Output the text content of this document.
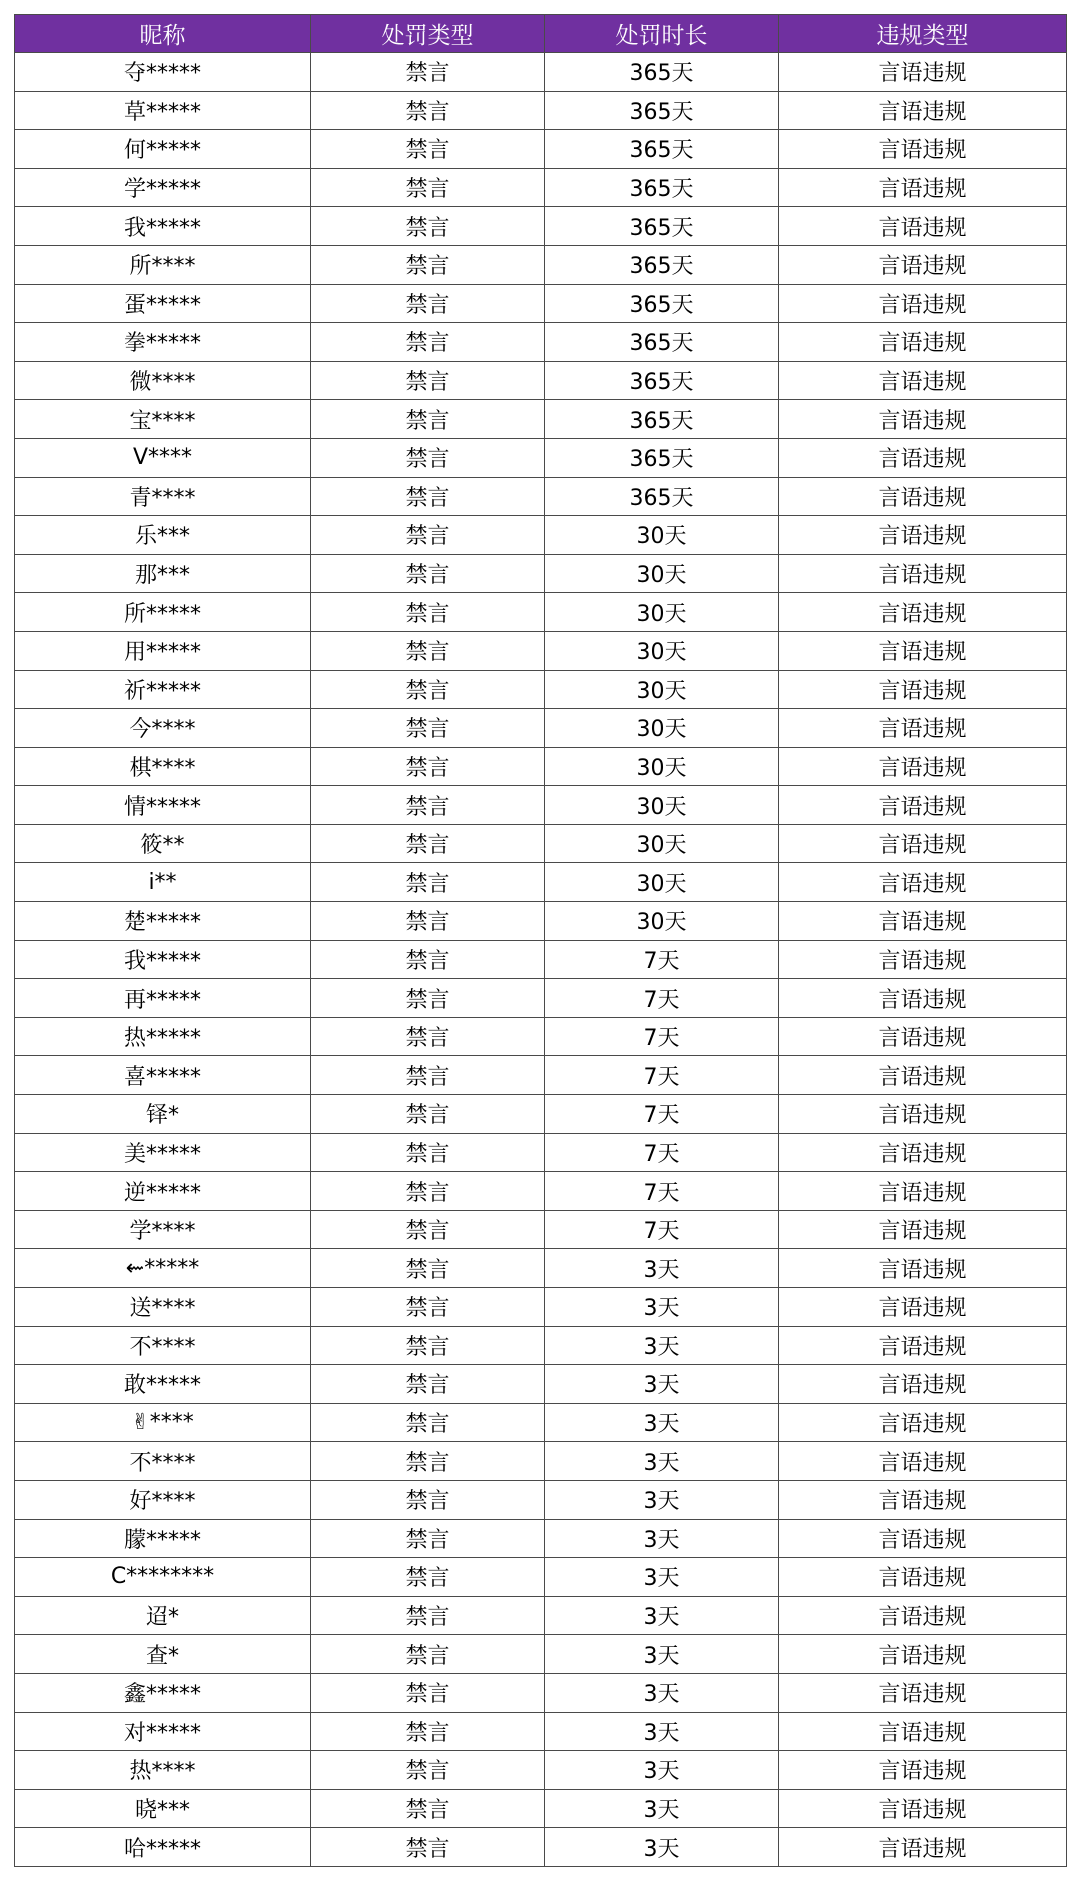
昵称	处罚类型	处罚时长	违规类型
夺*****	禁言	365天	言语违规
草*****	禁言	365天	言语违规
何*****	禁言	365天	言语违规
学*****	禁言	365天	言语违规
我*****	禁言	365天	言语违规
所****	禁言	365天	言语违规
蛋*****	禁言	365天	言语违规
拳*****	禁言	365天	言语违规
微****	禁言	365天	言语违规
宝****	禁言	365天	言语违规
V****	禁言	365天	言语违规
青****	禁言	365天	言语违规
乐***	禁言	30天	言语违规
那***	禁言	30天	言语违规
所*****	禁言	30天	言语违规
用*****	禁言	30天	言语违规
祈*****	禁言	30天	言语违规
今****	禁言	30天	言语违规
棋****	禁言	30天	言语违规
情*****	禁言	30天	言语违规
筱**	禁言	30天	言语违规
i**	禁言	30天	言语违规
楚*****	禁言	30天	言语违规
我*****	禁言	7天	言语违规
再*****	禁言	7天	言语违规
热*****	禁言	7天	言语违规
喜*****	禁言	7天	言语违规
铎*	禁言	7天	言语违规
美*****	禁言	7天	言语违规
逆*****	禁言	7天	言语违规
学****	禁言	7天	言语违规
⇜*****	禁言	3天	言语违规
送****	禁言	3天	言语违规
不****	禁言	3天	言语违规
敢*****	禁言	3天	言语违规
✌****	禁言	3天	言语违规
不****	禁言	3天	言语违规
好****	禁言	3天	言语违规
朦*****	禁言	3天	言语违规
C********	禁言	3天	言语违规
迢*	禁言	3天	言语违规
查*	禁言	3天	言语违规
鑫*****	禁言	3天	言语违规
对*****	禁言	3天	言语违规
热****	禁言	3天	言语违规
晓***	禁言	3天	言语违规
哈*****	禁言	3天	言语违规
